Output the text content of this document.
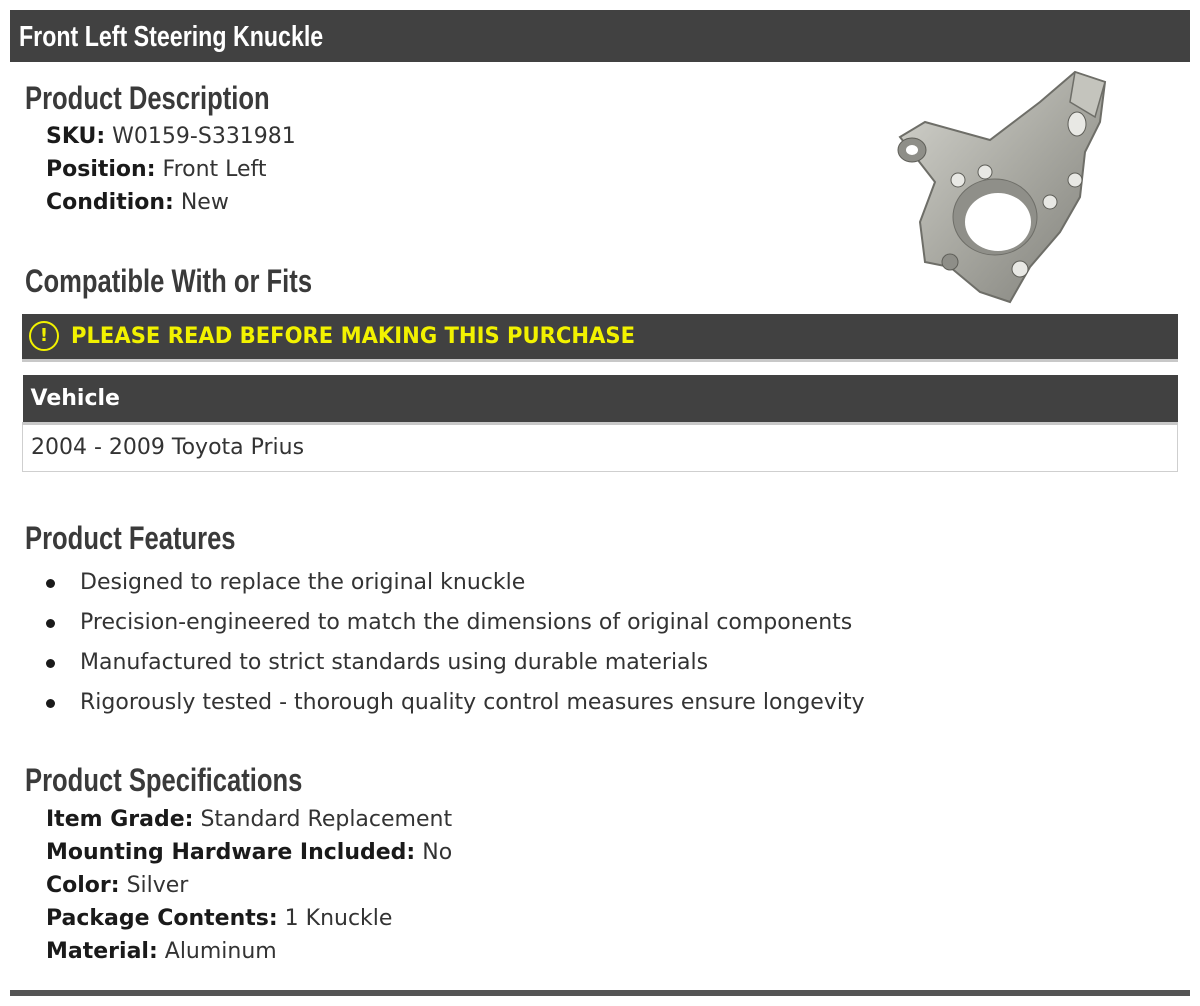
Front Left Steering Knuckle
Product Description
SKU: W0159-S331981
Position: Front Left
Condition: New
Compatible With or Fits
!	PLEASE READ BEFORE MAKING THIS PURCHASE
Vehicle
2004 - 2009 Toyota Prius
Product Features
Designed to replace the original knuckle
Precision-engineered to match the dimensions of original components
Manufactured to strict standards using durable materials
Rigorously tested - thorough quality control measures ensure longevity
Product Specifications
Item Grade: Standard Replacement
Mounting Hardware Included: No
Color: Silver
Package Contents: 1 Knuckle
Material: Aluminum
